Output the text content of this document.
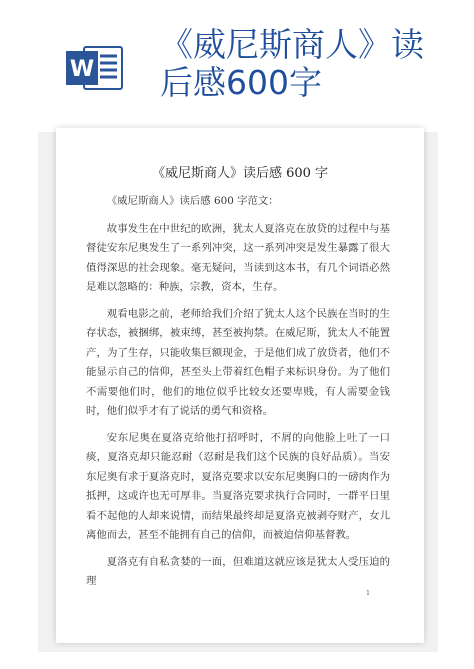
W
《威尼斯商人》读
后感600字
《威尼斯商人》读后感 600 字

《威尼斯商人》读后感 600 字范文：

故事发生在中世纪的欧洲，犹太人夏洛克在放贷的过程中与基督徒安东尼奥发生了一系列冲突，这一系列冲突是发生暴露了很大值得深思的社会现象。毫无疑问，当读到这本书，有几个词语必然是难以忽略的：种族，宗教，资本，生存。

观看电影之前，老师给我们介绍了犹太人这个民族在当时的生存状态，被捆绑，被束缚，甚至被拘禁。在威尼斯，犹太人不能置产，为了生存，只能收集巨额现金，于是他们成了放贷者，他们不能显示自己的信仰，甚至头上带着红色帽子来标识身份。为了他们不需要他们时，他们的地位似乎比较女还要卑贱，有人需要金钱时，他们似乎才有了说话的勇气和资格。

安东尼奥在夏洛克给他打招呼时，不屑的向他脸上吐了一口痰，夏洛克却只能忍耐（忍耐是我们这个民族的良好品质）。当安东尼奥有求于夏洛克时，夏洛克要求以安东尼奥胸口的一磅肉作为抵押，这或许也无可厚非。当夏洛克要求执行合同时，一群平日里看不起他的人却来说情，而结果最终却是夏洛克被剥夺财产，女儿离他而去，甚至不能拥有自己的信仰，而被迫信仰基督教。

夏洛克有自私贪婪的一面，但难道这就应该是犹太人受压迫的理

1
